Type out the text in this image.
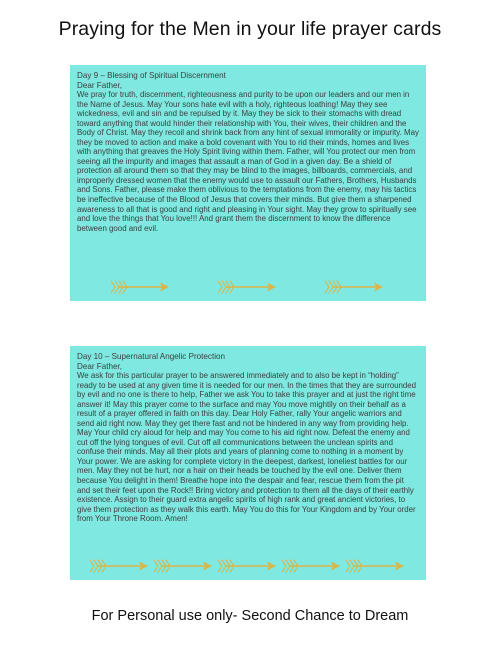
Praying for the Men in your life prayer cards
Day 9 – Blessing of Spiritual Discernment
Dear Father,
We pray for truth, discernment, righteousness and purity to be upon our leaders and our men in the Name of Jesus. May Your sons hate evil with a holy, righteous loathing! May they see wickedness, evil and sin and be repulsed by it. May they be sick to their stomachs with dread toward anything that would hinder their relationship with You, their wives, their children and the Body of Christ. May they recoil and shrink back from any hint of sexual immorality or impurity. May they be moved to action and make a bold covenant with You to rid their minds, homes and lives with anything that greaves the Holy Spirit living within them. Father, will You protect our men from seeing all the impurity and images that assault a man of God in a given day. Be a shield of protection all around them so that they may be blind to the images, billboards, commercials, and improperly dressed women that the enemy would use to assault our Fathers, Brothers, Husbands and Sons. Father, please make them oblivious to the temptations from the enemy, may his tactics be ineffective because of the Blood of Jesus that covers their minds. But give them a sharpened awareness to all that is good and right and pleasing in Your sight. May they grow to spiritually see and love the things that You love!!! And grant them the discernment to know the difference between good and evil.
Day 10 – Supernatural Angelic Protection
Dear Father,
We ask for this particular prayer to be answered immediately and to also be kept in “holding” ready to be used at any given time it is needed for our men. In the times that they are surrounded by evil and no one is there to help, Father we ask You to take this prayer and at just the right time answer it! May this prayer come to the surface and may You move mightily on their behalf as a result of a prayer offered in faith on this day. Dear Holy Father, rally Your angelic warriors and send aid right now. May they get there fast and not be hindered in any way from providing help. May Your child cry aloud for help and may You come to his aid right now. Defeat the enemy and cut off the lying tongues of evil. Cut off all communications between the unclean spirits and confuse their minds. May all their plots and years of planning come to nothing in a moment by Your power. We are asking for complete victory in the deepest, darkest, loneliest battles for our men. May they not be hurt, nor a hair on their heads be touched by the evil one. Deliver them because You delight in them! Breathe hope into the despair and fear, rescue them from the pit and set their feet upon the Rock!! Bring victory and protection to them all the days of their earthly existence. Assign to their guard extra angelic spirits of high rank and great ancient victories, to give them protection as they walk this earth. May You do this for Your Kingdom and by Your order from Your Throne Room. Amen!
For Personal use only- Second Chance to Dream
